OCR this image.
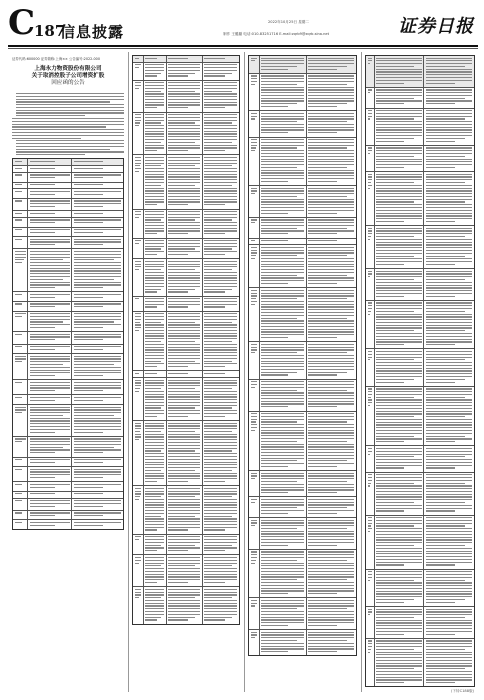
C
187
信息披露
2022年10月25日 星期二
制作 王璐璐 电话:010-83251716 E-mail:zqrb9@zqrb.sina.net	证券日报
证券代码:600000 证券简称:上海×× 公告编号:2022-000

上海永力物资股份有限公司

关于取消控股子公司增资扩股

回应函的公告

(下转C188版)
